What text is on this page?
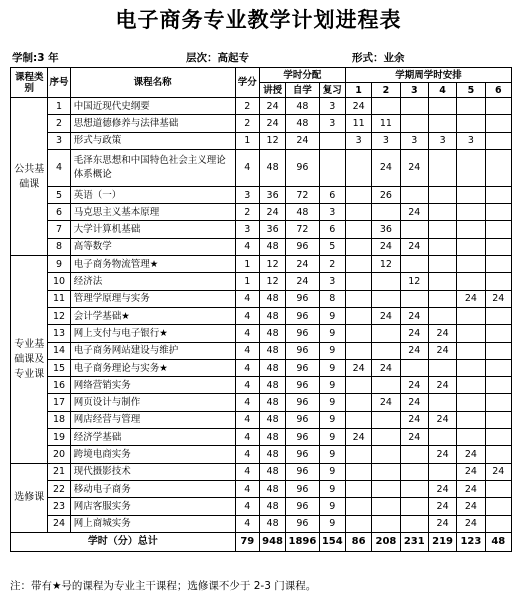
电子商务专业教学计划进程表
学制:3 年	层次：高起专	形式：业余
课程类别	序号	课程名称	学分	学时分配			学期周学时安排					
				讲授	自学	复习	1	2	3	4	5	6
公共基础课	1	中国近现代史纲要	2	24	48	3	24					
	2	思想道德修养与法律基础	2	24	48	3	11	11				
	3	形式与政策	1	12	24		3	3	3	3	3	
	4	毛泽东思想和中国特色社会主义理论体系概论	4	48	96			24	24			
	5	英语（一）	3	36	72	6		26				
	6	马克思主义基本原理	2	24	48	3			24			
	7	大学计算机基础	3	36	72	6		36				
	8	高等数学	4	48	96	5		24	24			
专业基础课及专业课	9	电子商务物流管理★	1	12	24	2		12				
	10	经济法	1	12	24	3			12			
	11	管理学原理与实务	4	48	96	8					24	24
	12	会计学基础★	4	48	96	9		24	24			
	13	网上支付与电子银行★	4	48	96	9			24	24		
	14	电子商务网站建设与维护	4	48	96	9			24	24		
	15	电子商务理论与实务★	4	48	96	9	24	24				
	16	网络营销实务	4	48	96	9			24	24		
	17	网页设计与制作	4	48	96	9		24	24			
	18	网店经营与管理	4	48	96	9			24	24		
	19	经济学基础	4	48	96	9	24		24			
	20	跨境电商实务	4	48	96	9				24	24	
选修课	21	现代摄影技术	4	48	96	9					24	24
	22	移动电子商务	4	48	96	9				24	24	
	23	网店客服实务	4	48	96	9				24	24	
	24	网上商城实务	4	48	96	9				24	24	
学时（分）总计			79	948	1896	154	86	208	231	219	123	48
注：带有★号的课程为专业主干课程；选修课不少于 2-3 门课程。
